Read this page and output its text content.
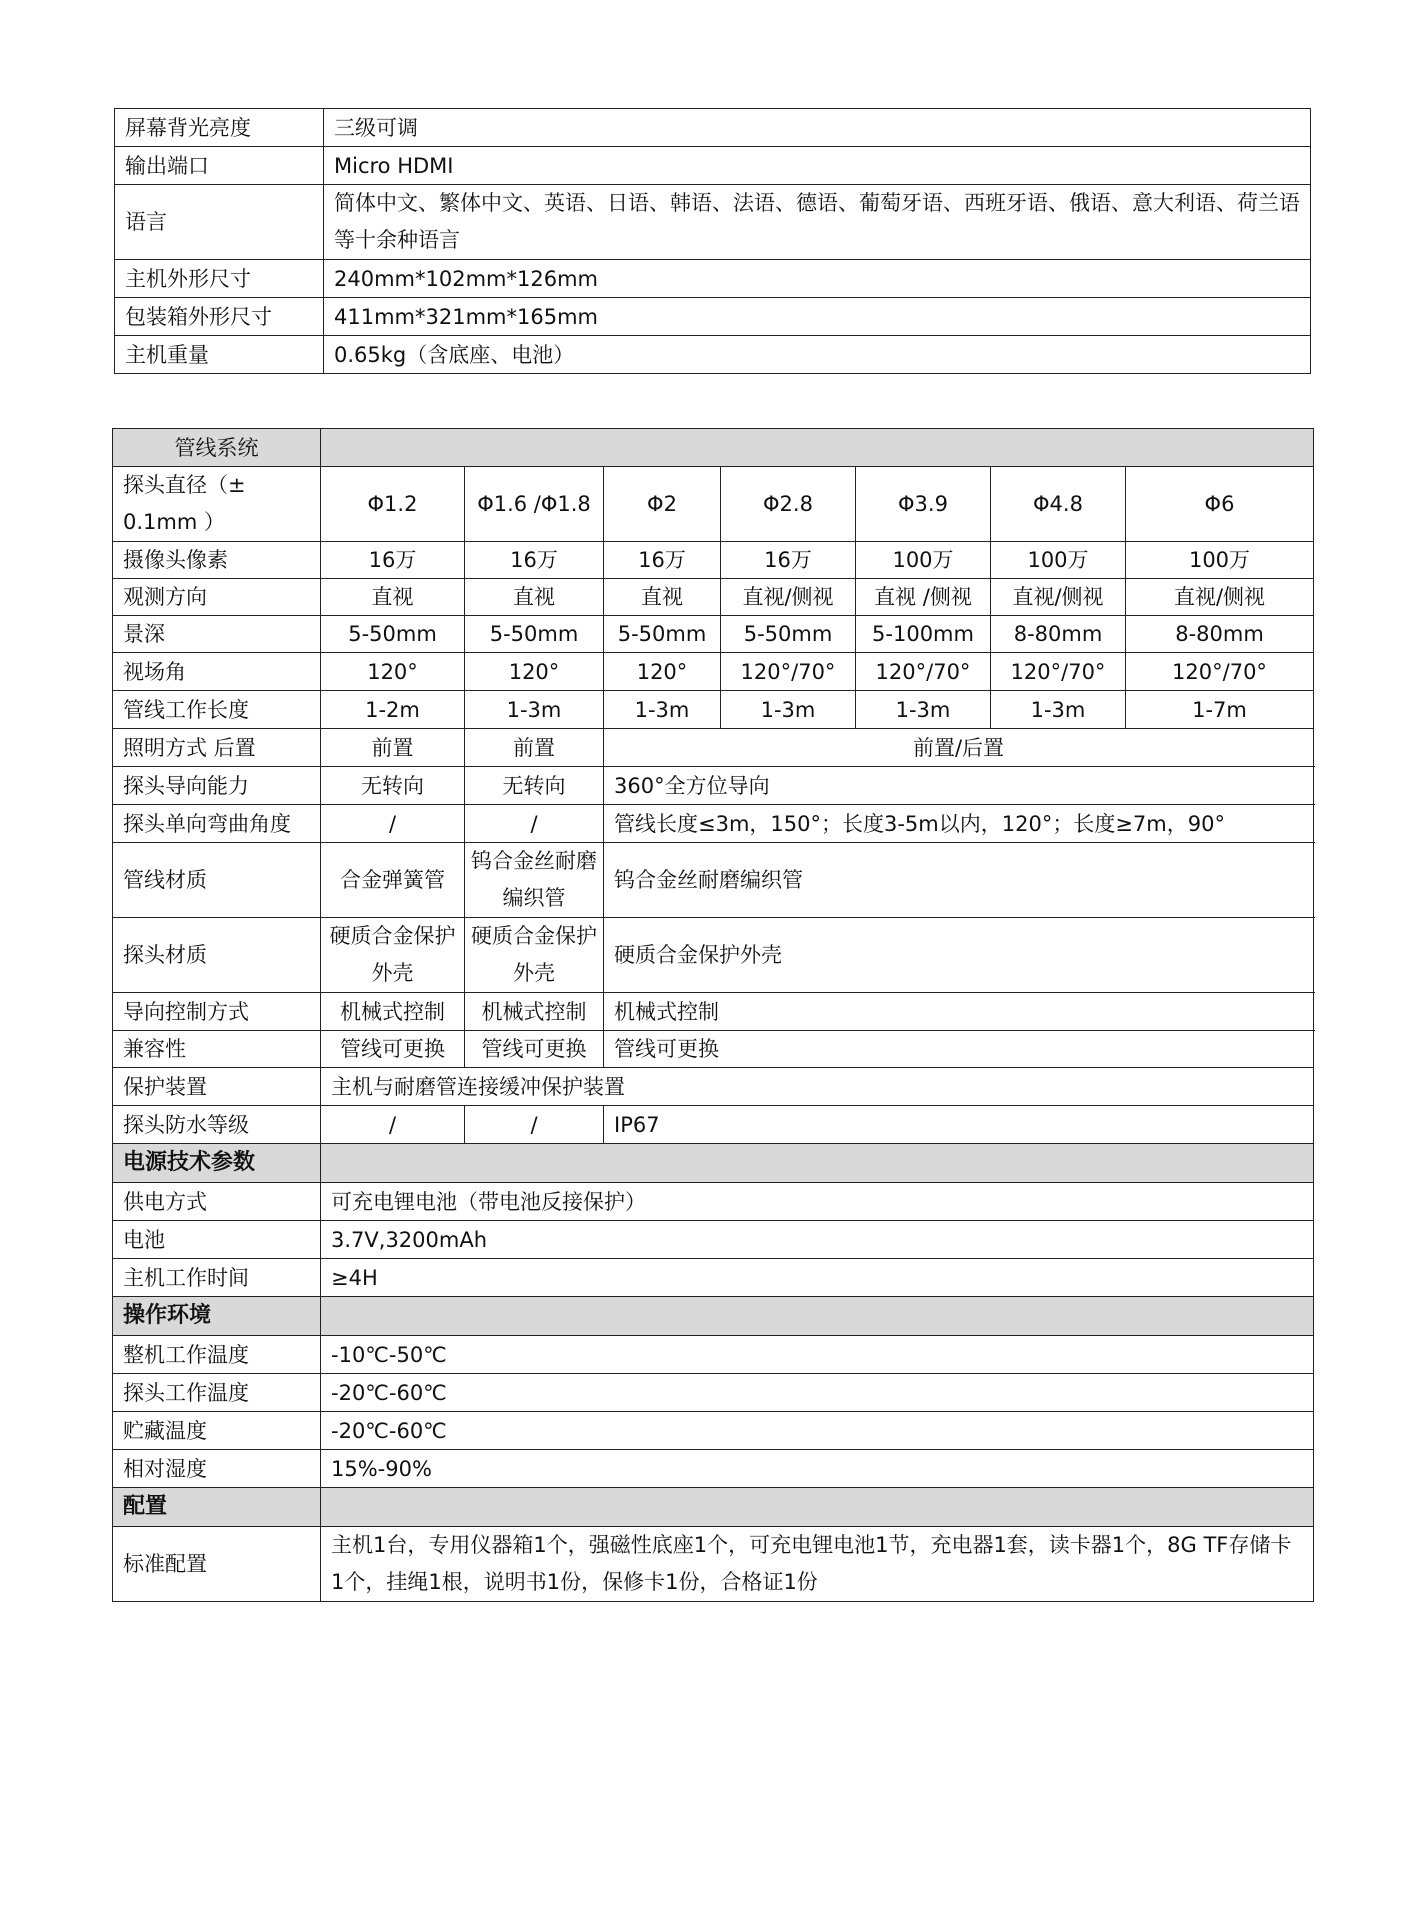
屏幕背光亮度	三级可调
输出端口	Micro HDMI
语言	简体中文、繁体中文、英语、日语、韩语、法语、德语、葡萄牙语、西班牙语、俄语、意大利语、荷兰语等十余种语言
主机外形尺寸	240mm*102mm*126mm
包装箱外形尺寸	411mm*321mm*165mm
主机重量	0.65kg（含底座、电池）
管线系统							
探头直径（± 0.1mm ）	Φ1.2	Φ1.6 /Φ1.8	Φ2	Φ2.8	Φ3.9	Φ4.8	Φ6
摄像头像素	16万	16万	16万	16万	100万	100万	100万
观测方向	直视	直视	直视	直视/侧视	直视 /侧视	直视/侧视	直视/侧视
景深	5-50mm	5-50mm	5-50mm	5-50mm	5-100mm	8-80mm	8-80mm
视场角	120°	120°	120°	120°/70°	120°/70°	120°/70°	120°/70°
管线工作长度	1-2m	1-3m	1-3m	1-3m	1-3m	1-3m	1-7m
照明方式 后置	前置	前置	前置/后置				
探头导向能力	无转向	无转向	360°全方位导向				
探头单向弯曲角度	/	/	管线长度≤3m，150°；长度3-5m以内，120°；长度≥7m，90°				
管线材质	合金弹簧管	钨合金丝耐磨编织管	钨合金丝耐磨编织管				
探头材质	硬质合金保护外壳	硬质合金保护外壳	硬质合金保护外壳				
导向控制方式	机械式控制	机械式控制	机械式控制				
兼容性	管线可更换	管线可更换	管线可更换				
保护装置	主机与耐磨管连接缓冲保护装置						
探头防水等级	/	/	IP67				
电源技术参数							
供电方式	可充电锂电池（带电池反接保护）						
电池	3.7V,3200mAh						
主机工作时间	≥4H						
操作环境							
整机工作温度	-10℃-50℃						
探头工作温度	-20℃-60℃						
贮藏温度	-20℃-60℃						
相对湿度	15%-90%						
配置							
标准配置	主机1台，专用仪器箱1个，强磁性底座1个，可充电锂电池1节，充电器1套，读卡器1个，8G TF存储卡1个，挂绳1根，说明书1份，保修卡1份，合格证1份						
